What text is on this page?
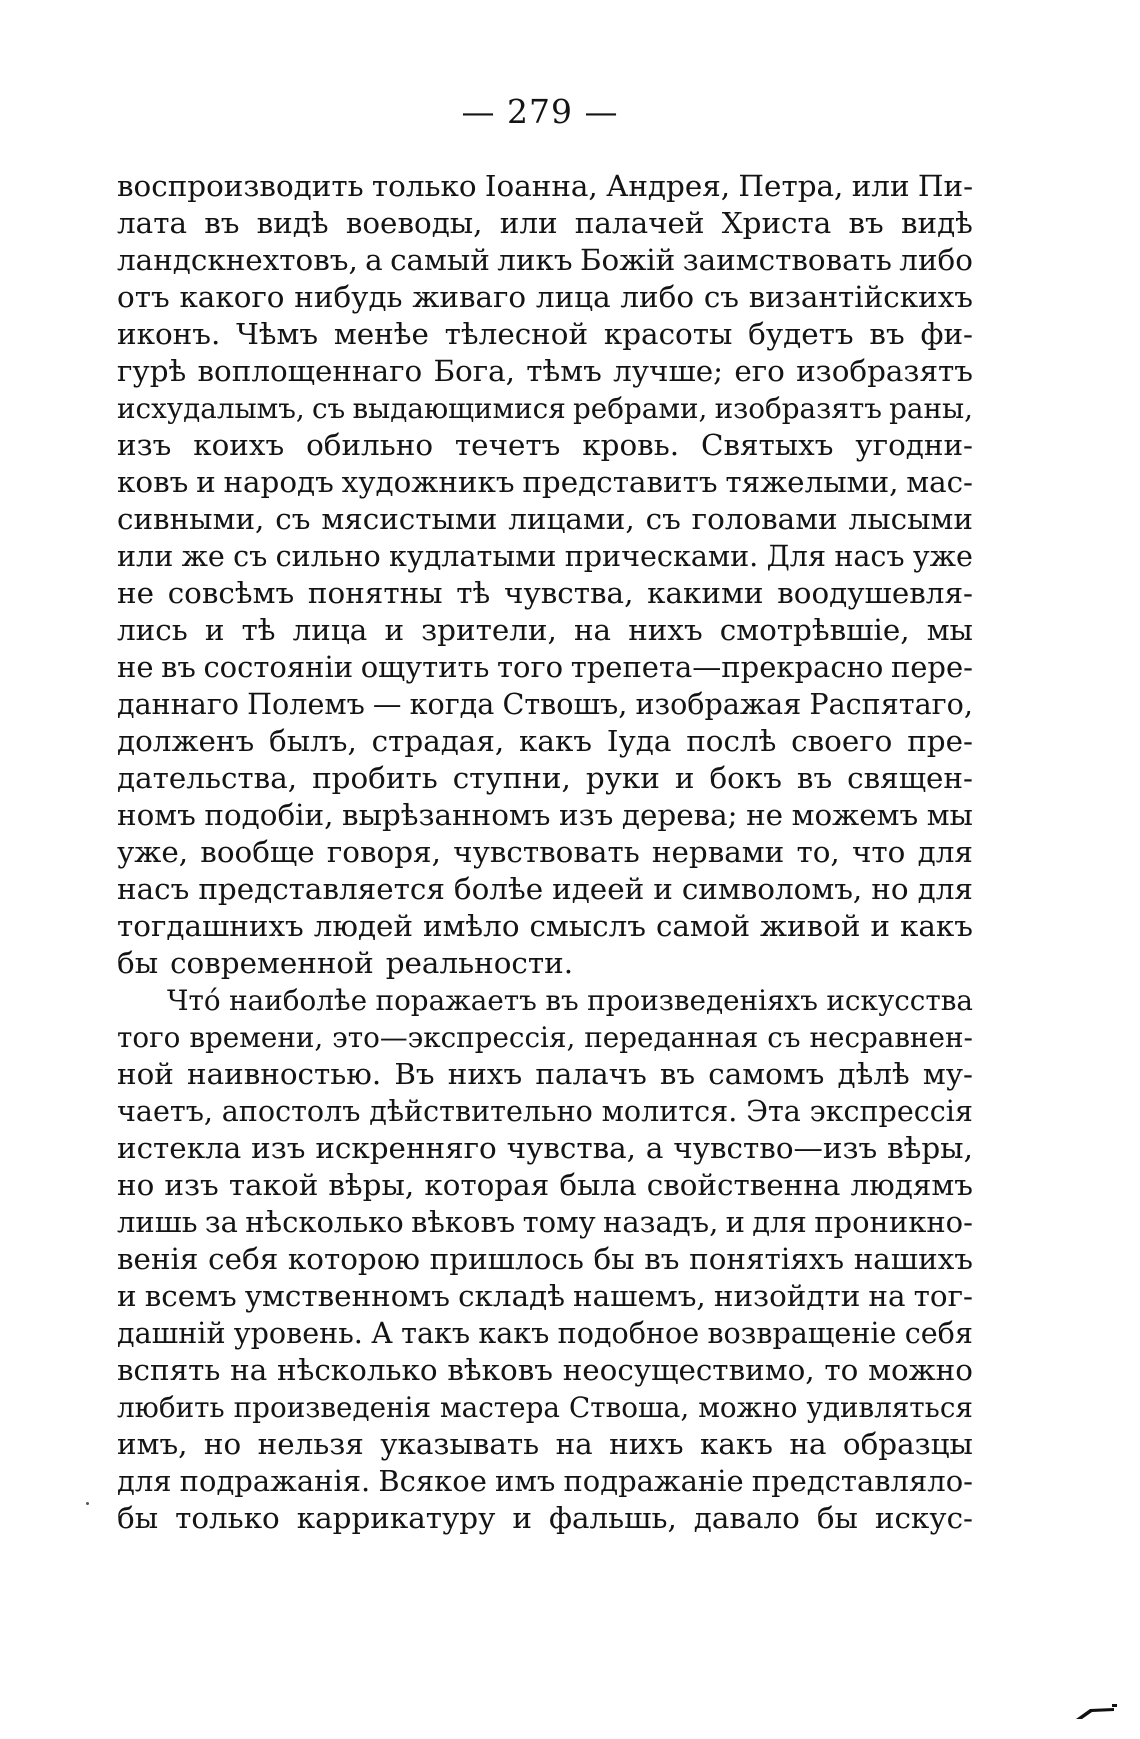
— 279 —
воспроизводить только Іоанна, Андрея, Петра, или Пи-
лата въ видѣ воеводы, или палачей Христа въ видѣ
ландскнехтовъ, а самый ликъ Божій заимствовать либо
отъ какого нибудь живаго лица либо съ византійскихъ
иконъ. Чѣмъ менѣе тѣлесной красоты будетъ въ фи-
гурѣ воплощеннаго Бога, тѣмъ лучше; его изобразятъ
исхудалымъ, съ выдающимися ребрами, изобразятъ раны,
изъ коихъ обильно течетъ кровь. Святыхъ угодни-
ковъ и народъ художникъ представитъ тяжелыми, мас-
сивными, съ мясистыми лицами, съ головами лысыми
или же съ сильно кудлатыми прическами. Для насъ уже
не совсѣмъ понятны тѣ чувства, какими воодушевля-
лись и тѣ лица и зрители, на нихъ смотрѣвшіе, мы
не въ состояніи ощутить того трепета—прекрасно пере-
даннаго Полемъ — когда Ствошъ, изображая Распятаго,
долженъ былъ, страдая, какъ Іуда послѣ своего пре-
дательства, пробить ступни, руки и бокъ въ священ-
номъ подобіи, вырѣзанномъ изъ дерева; не можемъ мы
уже, вообще говоря, чувствовать нервами то, что для
насъ представляется болѣе идеей и символомъ, но для
тогдашнихъ людей имѣло смыслъ самой живой и какъ
бы современной реальности.
Чтó наиболѣе поражаетъ въ произведеніяхъ искусства
того времени, это—экспрессія, переданная съ несравнен-
ной наивностью. Въ нихъ палачъ въ самомъ дѣлѣ му-
чаетъ, апостолъ дѣйствительно молится. Эта экспрессія
истекла изъ искренняго чувства, а чувство—изъ вѣры,
но изъ такой вѣры, которая была свойственна людямъ
лишь за нѣсколько вѣковъ тому назадъ, и для проникно-
венія себя которою пришлось бы въ понятіяхъ нашихъ
и всемъ умственномъ складѣ нашемъ, низойдти на тог-
дашній уровень. А такъ какъ подобное возвращеніе себя
вспять на нѣсколько вѣковъ неосуществимо, то можно
любить произведенія мастера Ствоша, можно удивляться
имъ, но нельзя указывать на нихъ какъ на образцы
для подражанія. Всякое имъ подражаніе представляло-
бы только каррикатуру и фальшь, давало бы искус-
